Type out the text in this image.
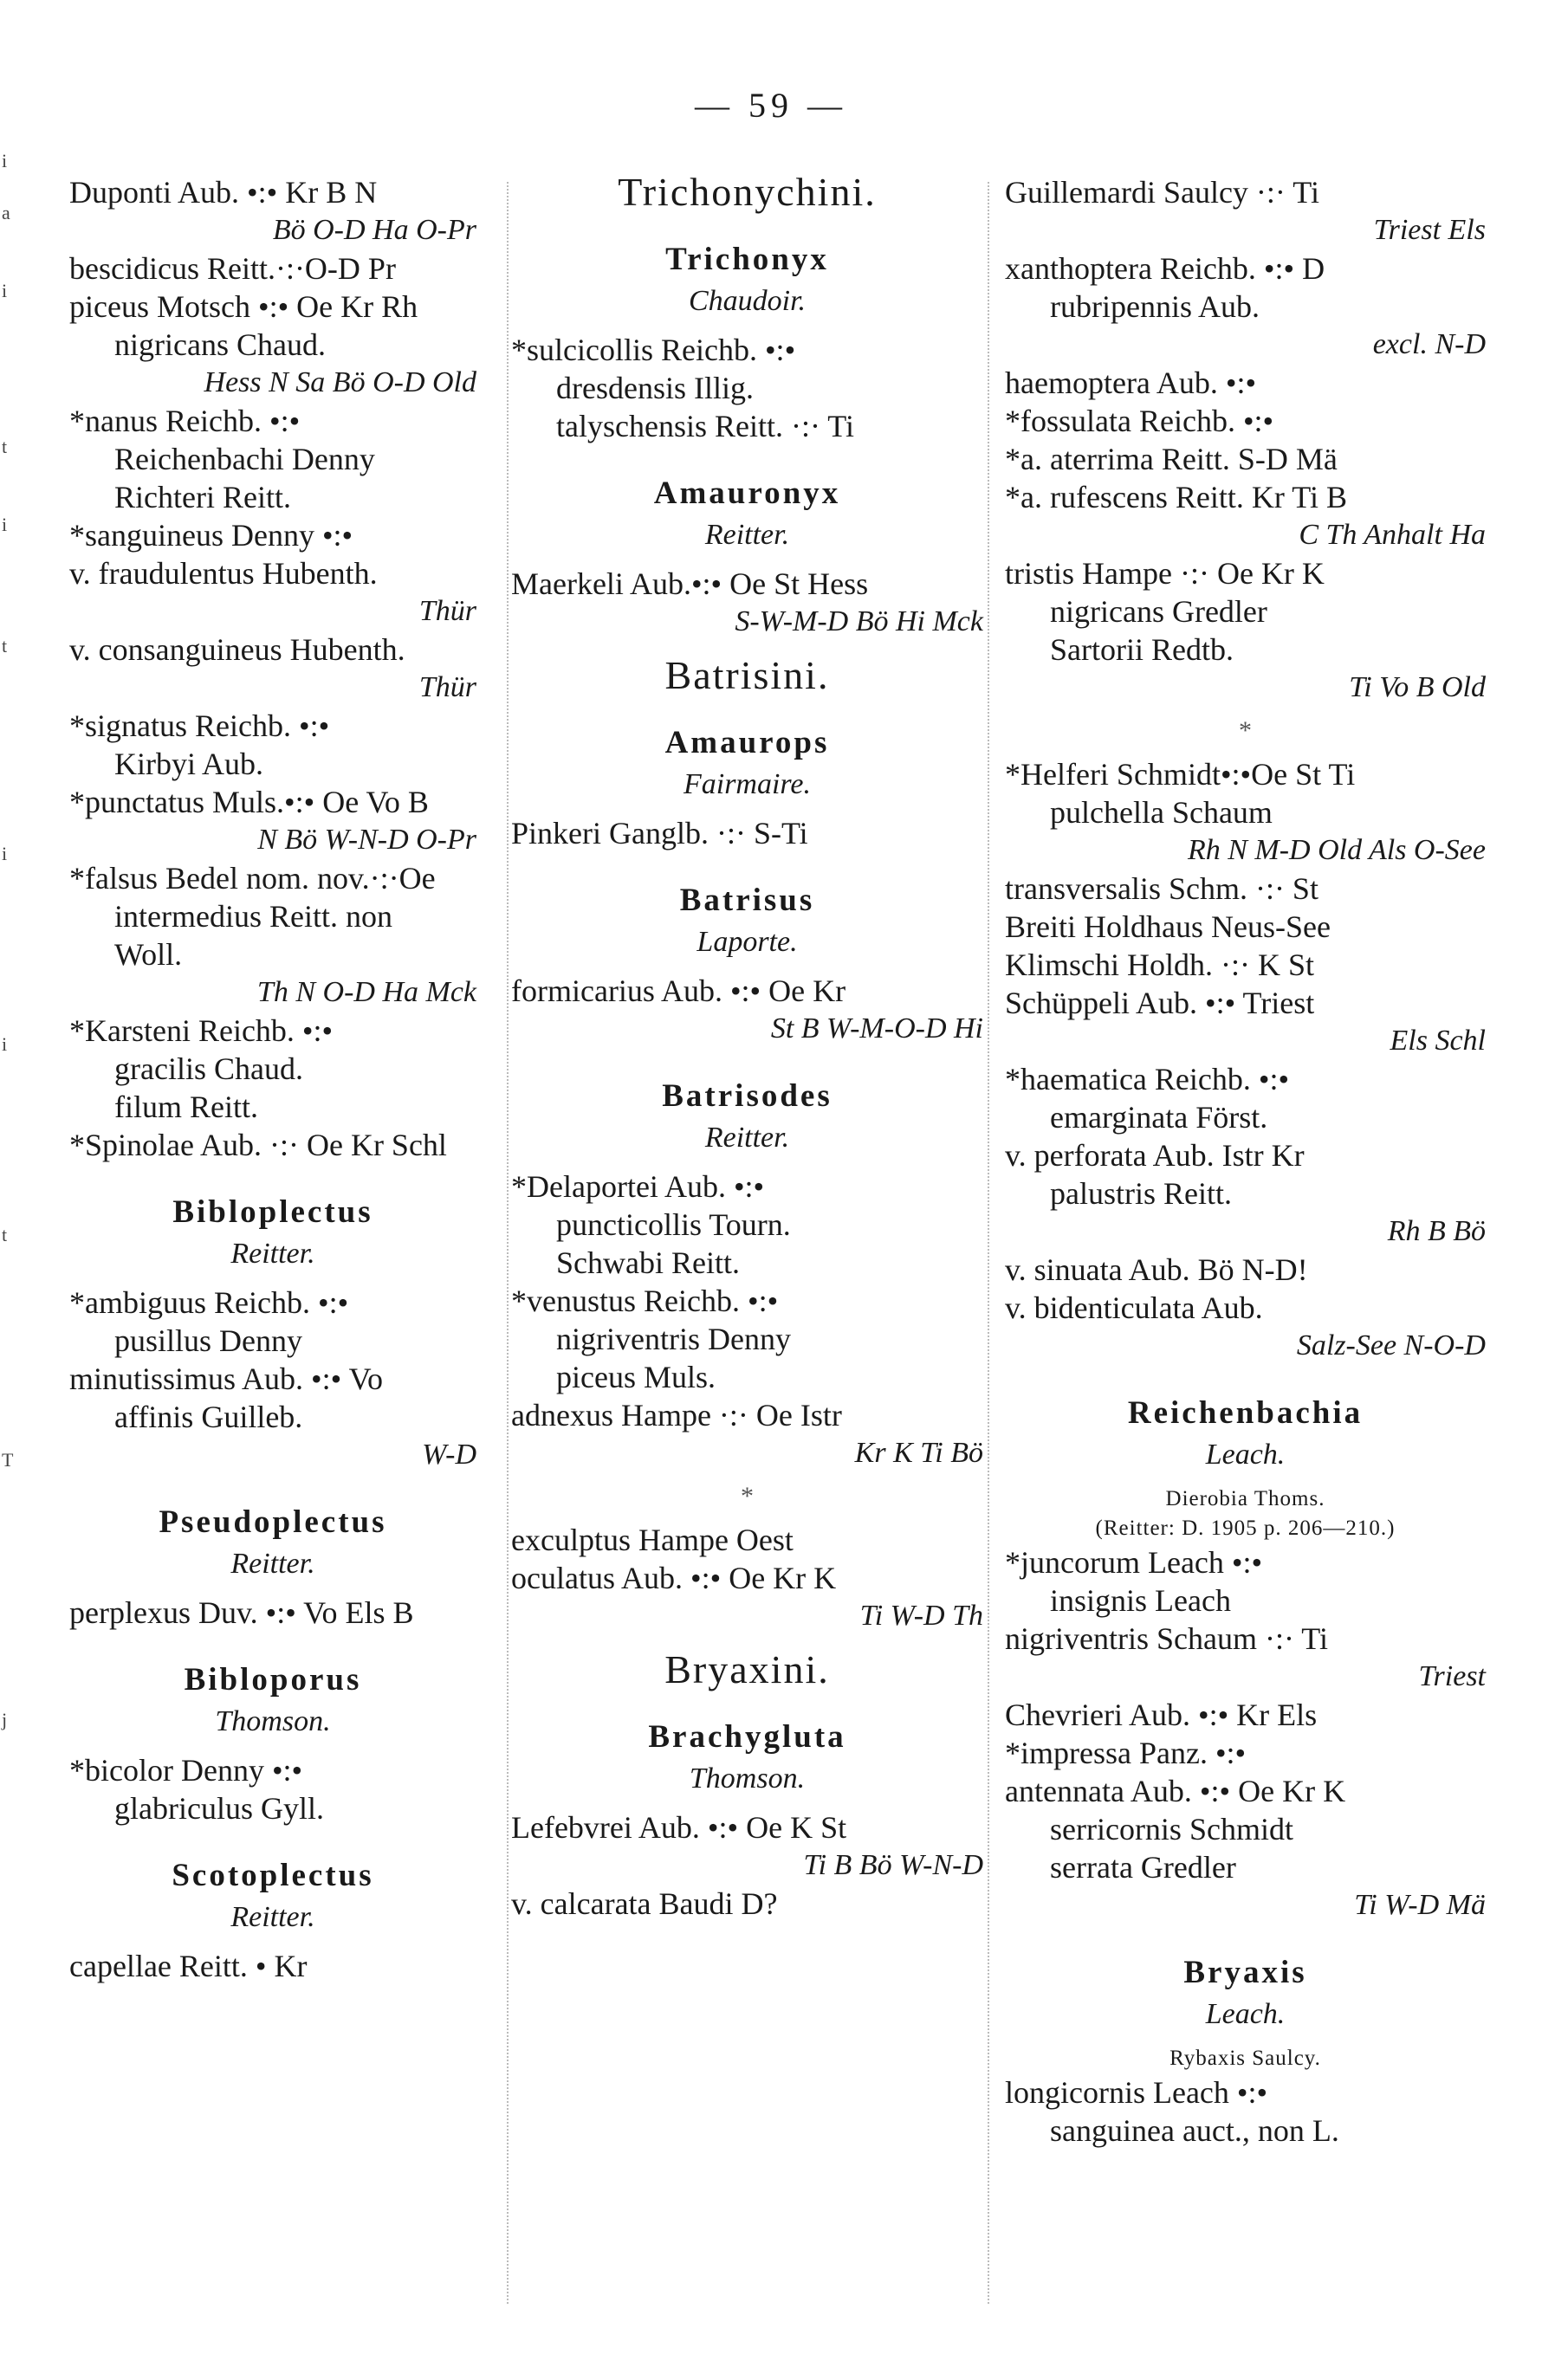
— 59 —
i
a
i
t
i
t
i
i
t
T
j
Duponti Aub. •:• Kr B N
Bö O-D Ha O-Pr
bescidicus Reitt.·:·O-D Pr
piceus Motsch •:• Oe Kr Rh
nigricans Chaud.
Hess N Sa Bö O-D Old
*nanus Reichb. •:•
Reichenbachi Denny
Richteri Reitt.
*sanguineus Denny •:•
v. fraudulentus Hubenth.
Thür
v. consanguineus Hubenth.
Thür
*signatus Reichb. •:•
Kirbyi Aub.
*punctatus Muls.•:• Oe Vo B
N Bö W-N-D O-Pr
*falsus Bedel nom. nov.·:·Oe
intermedius Reitt. non
Woll.
Th N O-D Ha Mck
*Karsteni Reichb. •:•
gracilis Chaud.
filum Reitt.
*Spinolae Aub. ·:· Oe Kr Schl
Bibloplectus
Reitter.
*ambiguus Reichb. •:•
pusillus Denny
minutissimus Aub. •:• Vo
affinis Guilleb.
W-D
Pseudoplectus
Reitter.
perplexus Duv. •:• Vo Els B
Bibloporus
Thomson.
*bicolor Denny •:•
glabriculus Gyll.
Scotoplectus
Reitter.
capellae Reitt. • Kr
Trichonychini.
Trichonyx
Chaudoir.
*sulcicollis Reichb. •:•
dresdensis Illig.
talyschensis Reitt. ·:· Ti
Amauronyx
Reitter.
Maerkeli Aub.•:• Oe St Hess
S-W-M-D Bö Hi Mck
Batrisini.
Amaurops
Fairmaire.
Pinkeri Ganglb. ·:· S-Ti
Batrisus
Laporte.
formicarius Aub. •:• Oe Kr
St B W-M-O-D Hi
Batrisodes
Reitter.
*Delaportei Aub. •:•
puncticollis Tourn.
Schwabi Reitt.
*venustus Reichb. •:•
nigriventris Denny
piceus Muls.
adnexus Hampe ·:· Oe Istr
Kr K Ti Bö
*
exculptus Hampe Oest
oculatus Aub. •:• Oe Kr K
Ti W-D Th
Bryaxini.
Brachygluta
Thomson.
Lefebvrei Aub. •:• Oe K St
Ti B Bö W-N-D
v. calcarata Baudi D?
Guillemardi Saulcy ·:· Ti
Triest Els
xanthoptera Reichb. •:• D
rubripennis Aub.
excl. N-D
haemoptera Aub. •:•
*fossulata Reichb. •:•
*a. aterrima Reitt. S-D Mä
*a. rufescens Reitt. Kr Ti B
C Th Anhalt Ha
tristis Hampe ·:· Oe Kr K
nigricans Gredler
Sartorii Redtb.
Ti Vo B Old
*
*Helferi Schmidt•:•Oe St Ti
pulchella Schaum
Rh N M-D Old Als O-See
transversalis Schm. ·:· St
Breiti Holdhaus Neus-See
Klimschi Holdh. ·:· K St
Schüppeli Aub. •:• Triest
Els Schl
*haematica Reichb. •:•
emarginata Först.
v. perforata Aub. Istr Kr
palustris Reitt.
Rh B Bö
v. sinuata Aub. Bö N-D!
v. bidenticulata Aub.
Salz-See N-O-D
Reichenbachia
Leach.
Dierobia Thoms.
(Reitter: D. 1905 p. 206—210.)
*juncorum Leach •:•
insignis Leach
nigriventris Schaum ·:· Ti
Triest
Chevrieri Aub. •:• Kr Els
*impressa Panz. •:•
antennata Aub. •:• Oe Kr K
serricornis Schmidt
serrata Gredler
Ti W-D Mä
Bryaxis
Leach.
Rybaxis Saulcy.
longicornis Leach •:•
sanguinea auct., non L.
